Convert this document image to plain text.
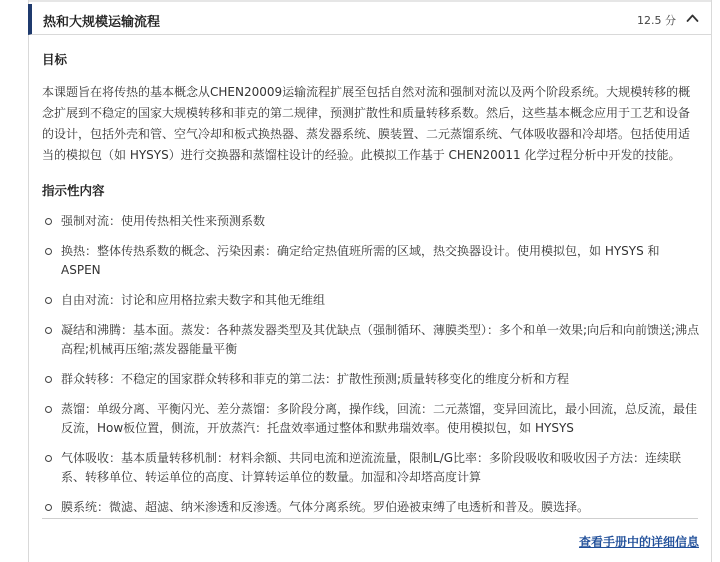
热和大规模运输流程	12.5 分
目标

本课题旨在将传热的基本概念从CHEN20009运输流程扩展至包括自然对流和强制对流以及两个阶段系统。大规模转移的概念扩展到不稳定的国家大规模转移和菲克的第二规律，预测扩散性和质量转移系数。然后，这些基本概念应用于工艺和设备的设计，包括外壳和管、空气冷却和板式换热器、蒸发器系统、膜装置、二元蒸馏系统、气体吸收器和冷却塔。包括使用适当的模拟包（如 HYSYS）进行交换器和蒸馏柱设计的经验。此模拟工作基于 CHEN20011 化学过程分析中开发的技能。

指示性内容
强制对流：使用传热相关性来预测系数
换热：整体传热系数的概念、污染因素：确定给定热值班所需的区域，热交换器设计。使用模拟包，如 HYSYS 和 ASPEN
自由对流：讨论和应用格拉索夫数字和其他无维组
凝结和沸腾：基本面。蒸发：各种蒸发器类型及其优缺点（强制循环、薄膜类型）：多个和单一效果;向后和向前馈送;沸点高程;机械再压缩;蒸发器能量平衡
群众转移：不稳定的国家群众转移和菲克的第二法：扩散性预测;质量转移变化的维度分析和方程
蒸馏：单级分离、平衡闪光、差分蒸馏：多阶段分离，操作线，回流：二元蒸馏，变异回流比，最小回流，总反流，最佳反流，How板位置，侧流，开放蒸汽：托盘效率通过整体和默弗瑞效率。使用模拟包，如 HYSYS
气体吸收：基本质量转移机制：材料余额、共同电流和逆流流量，限制L/G比率：多阶段吸收和吸收因子方法：连续联系、转移单位、转运单位的高度、计算转运单位的数量。加湿和冷却塔高度计算
膜系统：微滤、超滤、纳米渗透和反渗透。气体分离系统。罗伯逊被束缚了电透析和普及。膜选择。
查看手册中的详细信息
